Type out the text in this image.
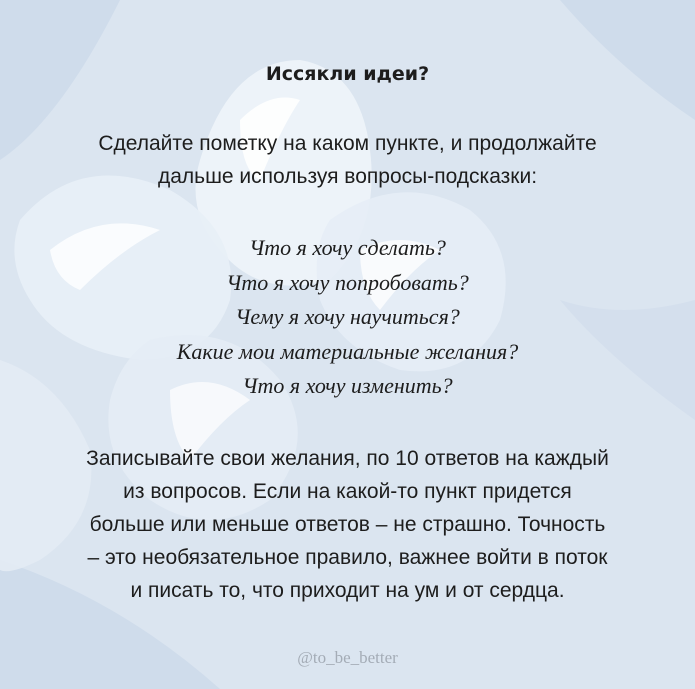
Иссякли идеи?
Сделайте пометку на каком пункте, и продолжайте
дальше используя вопросы-подсказки:
Что я хочу сделать?
Что я хочу попробовать?
Чему я хочу научиться?
Какие мои материальные желания?
Что я хочу изменить?
Записывайте свои желания, по 10 ответов на каждый
из вопросов. Если на какой-то пункт придется
больше или меньше ответов – не страшно. Точность
– это необязательное правило, важнее войти в поток
и писать то, что приходит на ум и от сердца.
@to_be_better
